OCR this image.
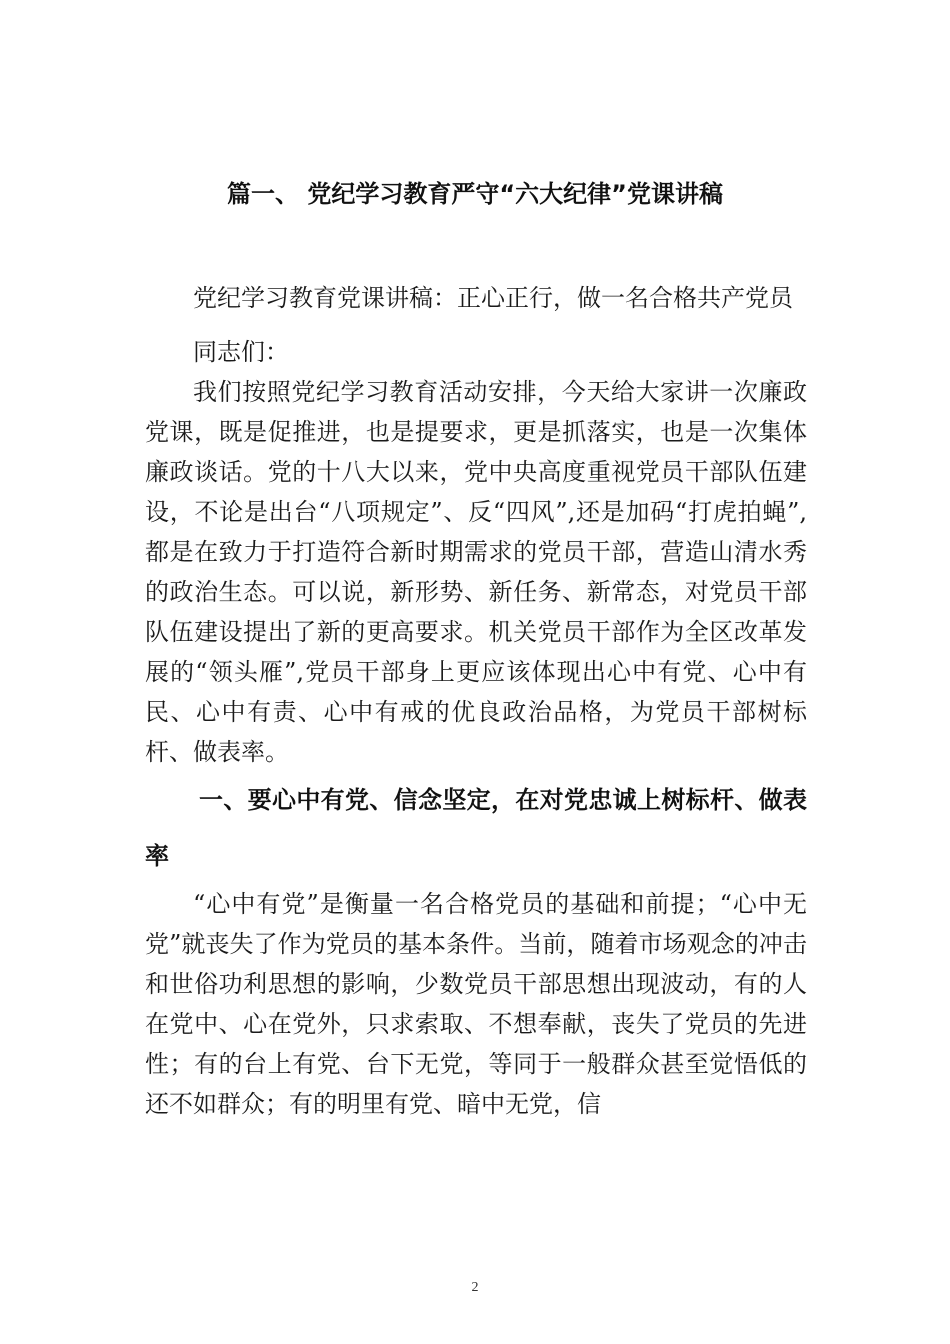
篇一、 党纪学习教育严守“六大纪律”党课讲稿

党纪学习教育党课讲稿：正心正行，做一名合格共产党员

同志们：

我们按照党纪学习教育活动安排，今天给大家讲一次廉政党课，既是促推进，也是提要求，更是抓落实，也是一次集体廉政谈话。党的十八大以来，党中央高度重视党员干部队伍建设，不论是出台“八项规定”、反“四风”,还是加码“打虎拍蝇”,都是在致力于打造符合新时期需求的党员干部，营造山清水秀的政治生态。可以说，新形势、新任务、新常态，对党员干部队伍建设提出了新的更高要求。机关党员干部作为全区改革发展的“领头雁”,党员干部身上更应该体现出心中有党、心中有民、心中有责、心中有戒的优良政治品格，为党员干部树标杆、做表率。

一、要心中有党、信念坚定，在对党忠诚上树标杆、做表率

“心中有党”是衡量一名合格党员的基础和前提；“心中无党”就丧失了作为党员的基本条件。当前，随着市场观念的冲击和世俗功利思想的影响，少数党员干部思想出现波动，有的人在党中、心在党外，只求索取、不想奉献，丧失了党员的先进性；有的台上有党、台下无党，等同于一般群众甚至觉悟低的还不如群众；有的明里有党、暗中无党，信

2
